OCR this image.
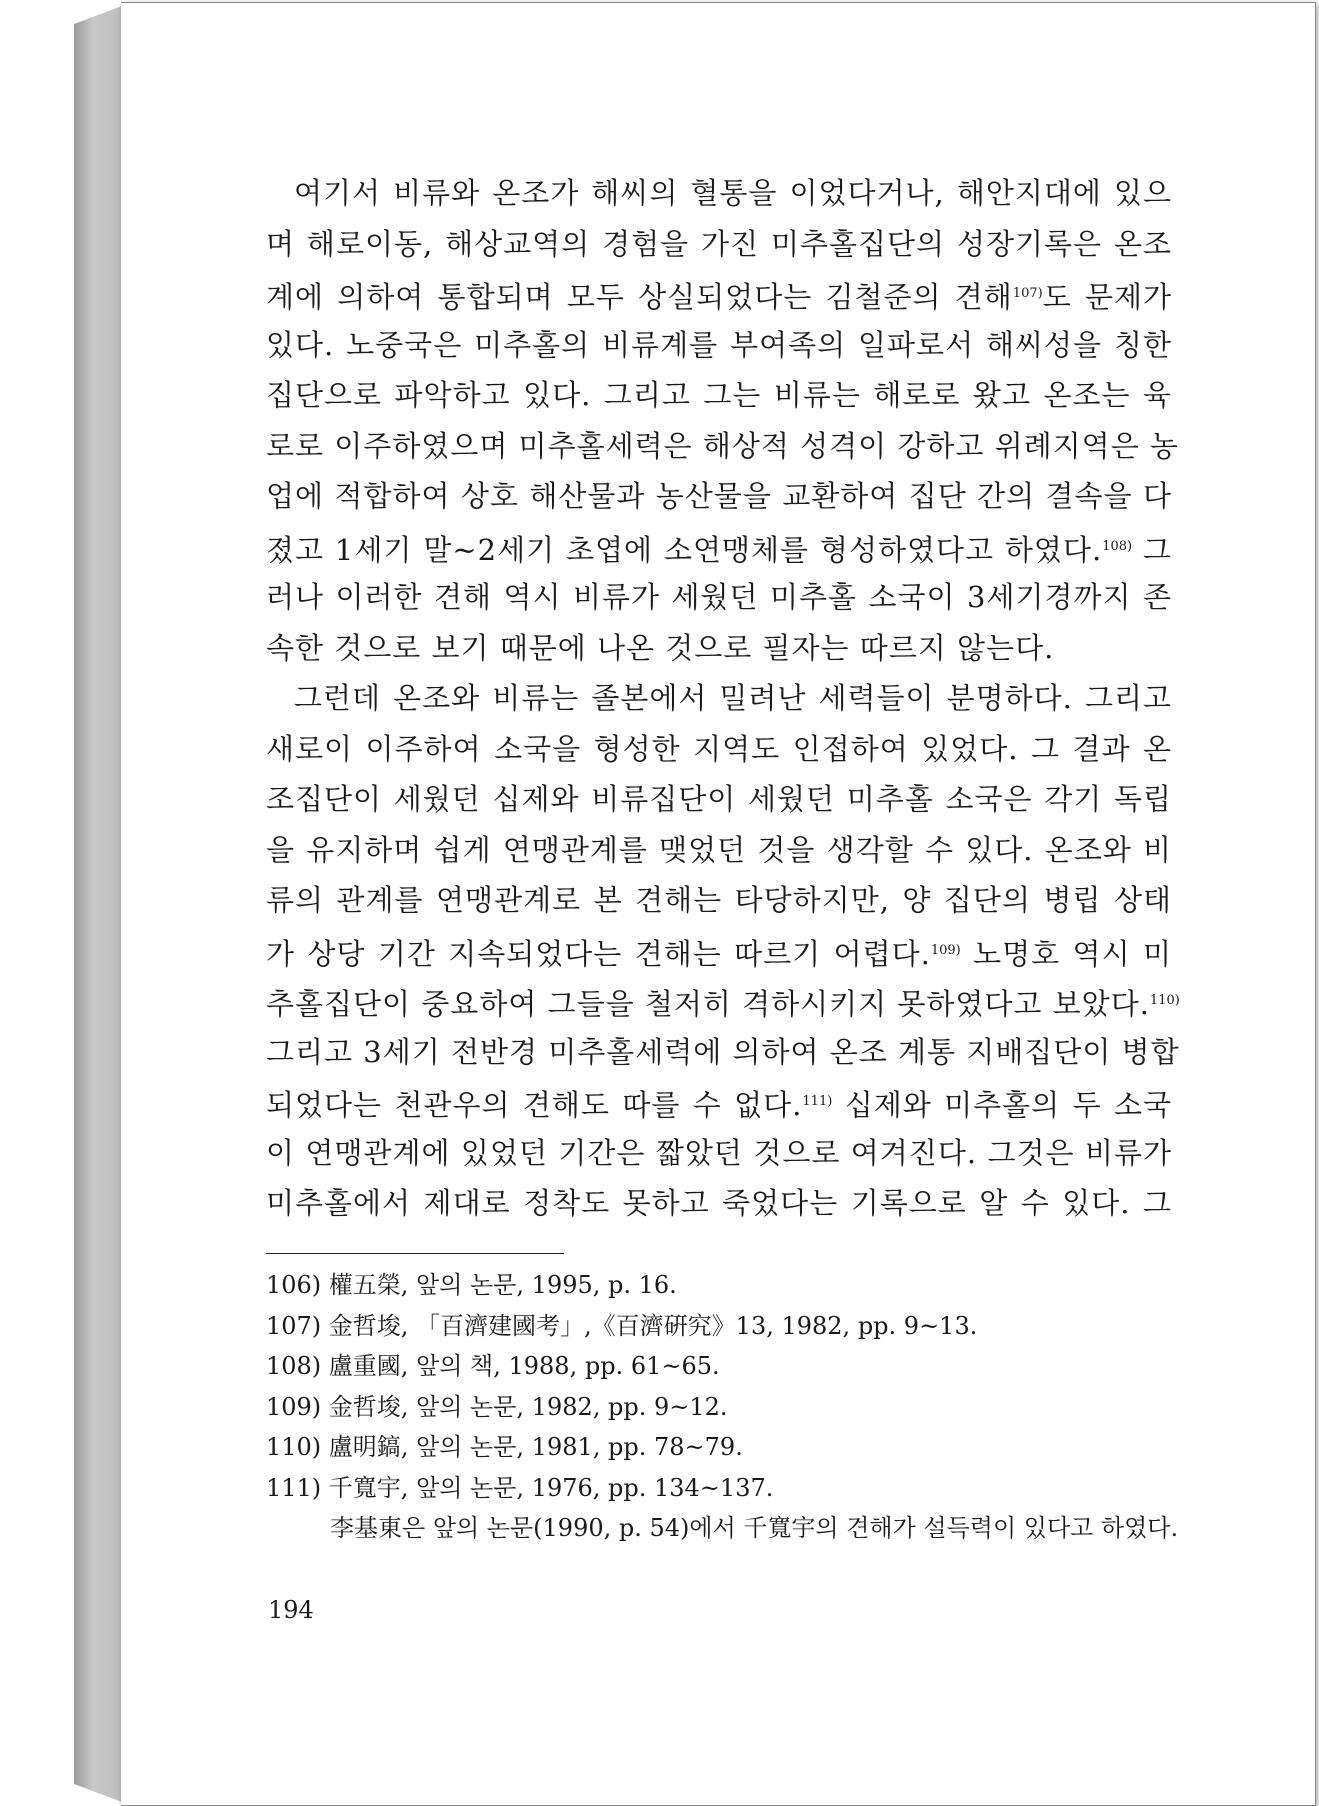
여기서 비류와 온조가 해씨의 혈통을 이었다거나, 해안지대에 있으
며 해로이동, 해상교역의 경험을 가진 미추홀집단의 성장기록은 온조
계에 의하여 통합되며 모두 상실되었다는 김철준의 견해$^{107)}$도 문제가
있다. 노중국은 미추홀의 비류계를 부여족의 일파로서 해씨성을 칭한
집단으로 파악하고 있다. 그리고 그는 비류는 해로로 왔고 온조는 육
로로 이주하였으며 미추홀세력은 해상적 성격이 강하고 위례지역은 농
업에 적합하여 상호 해산물과 농산물을 교환하여 집단 간의 결속을 다
졌고 1세기 말~2세기 초엽에 소연맹체를 형성하였다고 하였다.$^{108)}$ 그
러나 이러한 견해 역시 비류가 세웠던 미추홀 소국이 3세기경까지 존
속한 것으로 보기 때문에 나온 것으로 필자는 따르지 않는다.
그런데 온조와 비류는 졸본에서 밀려난 세력들이 분명하다. 그리고
새로이 이주하여 소국을 형성한 지역도 인접하여 있었다. 그 결과 온
조집단이 세웠던 십제와 비류집단이 세웠던 미추홀 소국은 각기 독립
을 유지하며 쉽게 연맹관계를 맺었던 것을 생각할 수 있다. 온조와 비
류의 관계를 연맹관계로 본 견해는 타당하지만, 양 집단의 병립 상태
가 상당 기간 지속되었다는 견해는 따르기 어렵다.$^{109)}$ 노명호 역시 미
추홀집단이 중요하여 그들을 철저히 격하시키지 못하였다고 보았다.$^{110)}$
그리고 3세기 전반경 미추홀세력에 의하여 온조 계통 지배집단이 병합
되었다는 천관우의 견해도 따를 수 없다.$^{111)}$ 십제와 미추홀의 두 소국
이 연맹관계에 있었던 기간은 짧았던 것으로 여겨진다. 그것은 비류가
미추홀에서 제대로 정착도 못하고 죽었다는 기록으로 알 수 있다. 그
106) 權五榮, 앞의 논문, 1995, p. 16.
107) 金哲埈, 「百濟建國考」,《百濟硏究》13, 1982, pp. 9~13.
108) 盧重國, 앞의 책, 1988, pp. 61~65.
109) 金哲埈, 앞의 논문, 1982, pp. 9~12.
110) 盧明鎬, 앞의 논문, 1981, pp. 78~79.
111) 千寬宇, 앞의 논문, 1976, pp. 134~137.
李基東은 앞의 논문(1990, p. 54)에서 千寬宇의 견해가 설득력이 있다고 하였다.
194
